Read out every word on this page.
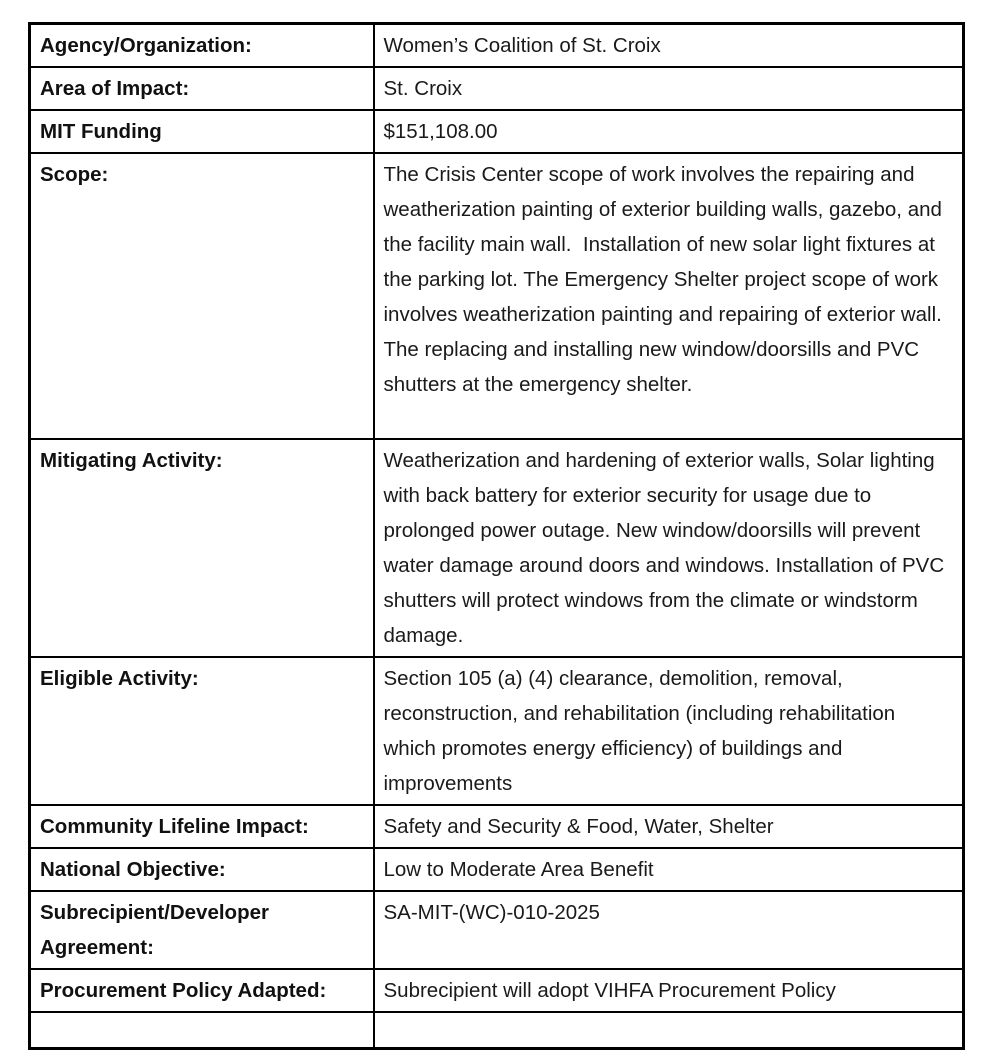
Agency/Organization:	Women’s Coalition of St. Croix
Area of Impact:	St. Croix
MIT Funding	$151,108.00
Scope:	The Crisis Center scope of work involves the repairing and weatherization painting of exterior building walls, gazebo, and the facility main wall.  Installation of new solar light fixtures at the parking lot. The Emergency Shelter project scope of work involves weatherization painting and repairing of exterior wall. The replacing and installing new window/doorsills and PVC shutters at the emergency shelter.
Mitigating Activity:	Weatherization and hardening of exterior walls, Solar lighting with back battery for exterior security for usage due to prolonged power outage. New window/doorsills will prevent water damage around doors and windows. Installation of PVC shutters will protect windows from the climate or windstorm damage.
Eligible Activity:	Section 105 (a) (4) clearance, demolition, removal, reconstruction, and rehabilitation (including rehabilitation which promotes energy efficiency) of buildings and improvements
Community Lifeline Impact:	Safety and Security & Food, Water, Shelter
National Objective:	Low to Moderate Area Benefit
Subrecipient/Developer Agreement:	SA-MIT-(WC)-010-2025
Procurement Policy Adapted:	Subrecipient will adopt VIHFA Procurement Policy
